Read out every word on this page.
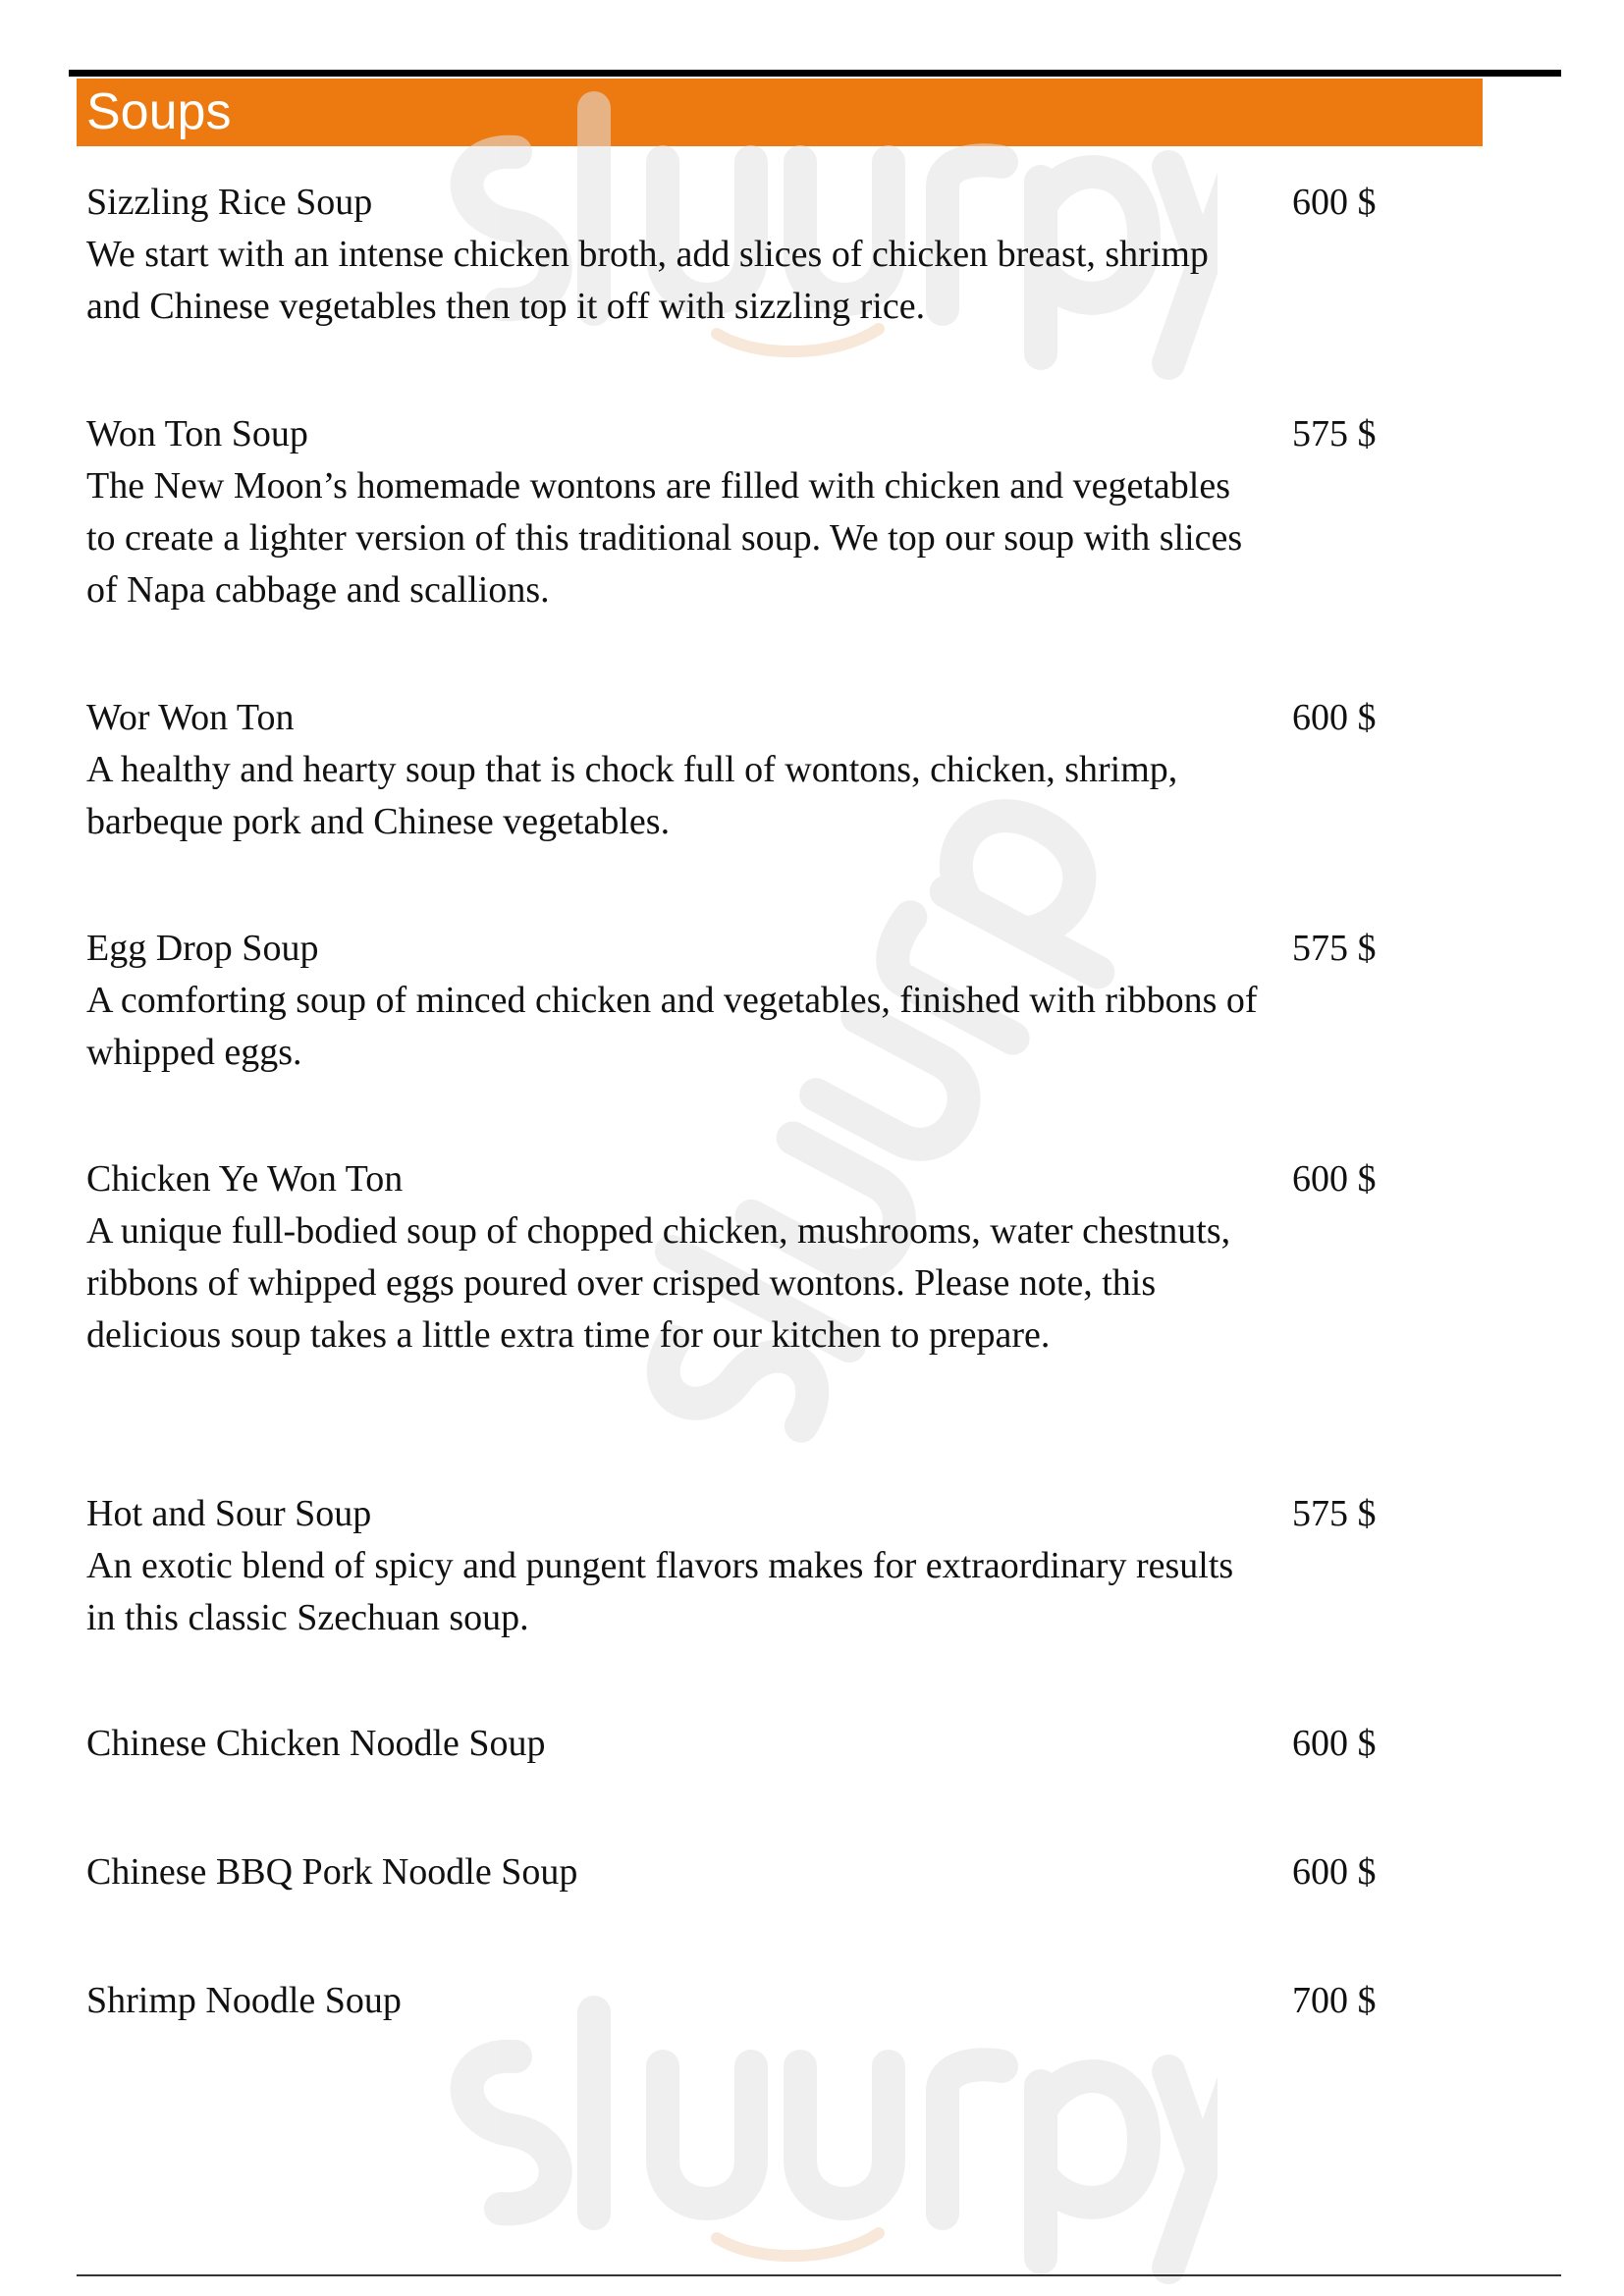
Soups
Sizzling Rice Soup
We start with an intense chicken broth, add slices of chicken breast, shrimp and Chinese vegetables then top it off with sizzling rice.
600 $
Won Ton Soup
The New Moon’s homemade wontons are filled with chicken and vegetables to create a lighter version of this traditional soup. We top our soup with slices of Napa cabbage and scallions.
575 $
Wor Won Ton
A healthy and hearty soup that is chock full of wontons, chicken, shrimp, barbeque pork and Chinese vegetables.
600 $
Egg Drop Soup
A comforting soup of minced chicken and vegetables, finished with ribbons of whipped eggs.
575 $
Chicken Ye Won Ton
A unique full-bodied soup of chopped chicken, mushrooms, water chestnuts, ribbons of whipped eggs poured over crisped wontons. Please note, this delicious soup takes a little extra time for our kitchen to prepare.
600 $
Hot and Sour Soup
An exotic blend of spicy and pungent flavors makes for extraordinary results in this classic Szechuan soup.
575 $
Chinese Chicken Noodle Soup	600 $
Chinese BBQ Pork Noodle Soup	600 $
Shrimp Noodle Soup	700 $
